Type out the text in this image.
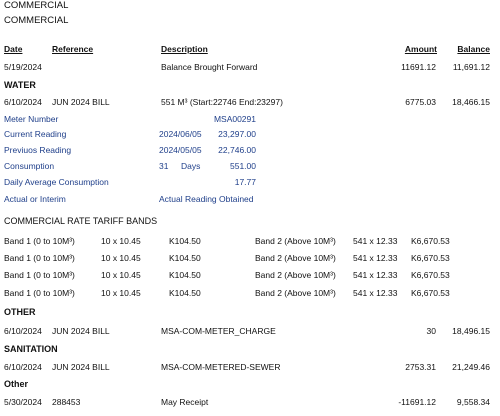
COMMERCIAL
COMMERCIAL
Date	Reference	Description	Amount Balance
5/19/2024	Balance Brought Forward	11691.12 11,691.12
WATER
6/10/2024 JUN 2024 BILL	551 M³ (Start:22746 End:23297)	6775.03 18,466.15
Meter Number	MSA00291
Current Reading	2024/06/05 23,297.00
Previuos Reading	2024/05/05 22,746.00
Consumption	31 Days	551.00
Daily Average Consumption	17.77
Actual or Interim	Actual Reading Obtained
COMMERCIAL RATE TARIFF BANDS
Band 1 (0 to 10M³)	10 x 10.45	K104.50	Band 2 (Above 10M³) 541 x 12.33 K6,670.53
Band 1 (0 to 10M³)	10 x 10.45	K104.50	Band 2 (Above 10M³) 541 x 12.33 K6,670.53
Band 1 (0 to 10M³)	10 x 10.45	K104.50	Band 2 (Above 10M³) 541 x 12.33 K6,670.53
Band 1 (0 to 10M³)	10 x 10.45	K104.50	Band 2 (Above 10M³) 541 x 12.33 K6,670.53
OTHER
6/10/2024 JUN 2024 BILL	MSA-COM-METER_CHARGE	30 18,496.15
SANITATION
6/10/2024 JUN 2024 BILL	MSA-COM-METERED-SEWER	2753.31 21,249.46
Other
5/30/2024 288453	May Receipt	-11691.12 9,558.34
